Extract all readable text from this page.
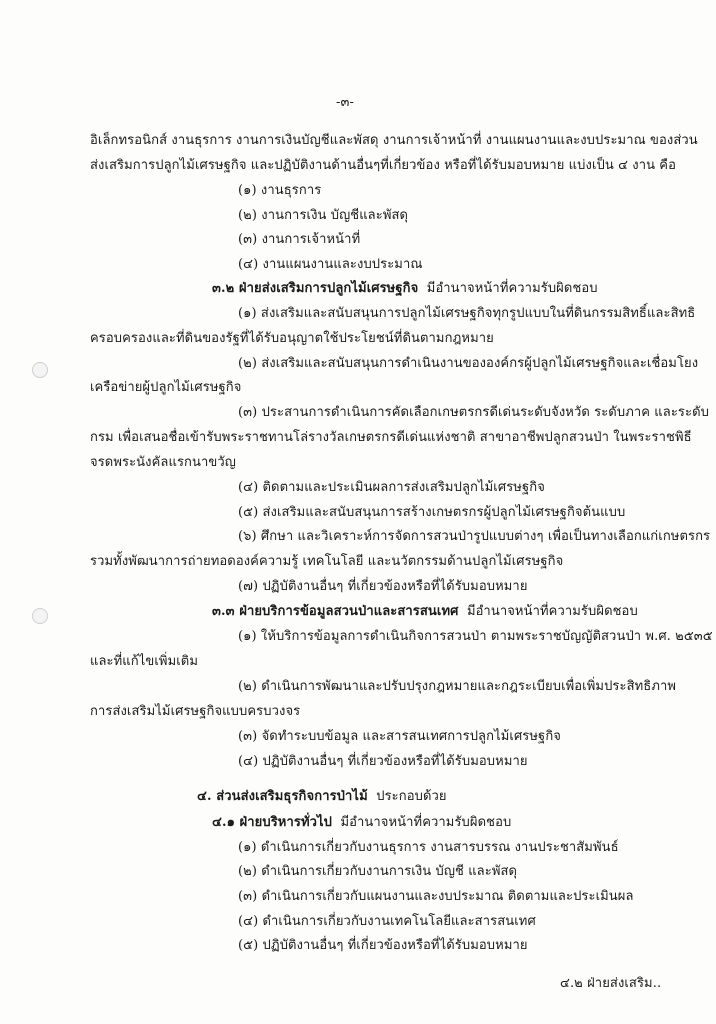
-๓-
อิเล็กทรอนิกส์ งานธุรการ งานการเงินบัญชีและพัสดุ งานการเจ้าหน้าที่ งานแผนงานและงบประมาณ ของส่วน
ส่งเสริมการปลูกไม้เศรษฐกิจ และปฏิบัติงานด้านอื่นๆที่เกี่ยวข้อง หรือที่ได้รับมอบหมาย แบ่งเป็น ๔ งาน คือ
(๑) งานธุรการ
(๒) งานการเงิน บัญชีและพัสดุ
(๓) งานการเจ้าหน้าที่
(๔) งานแผนงานและงบประมาณ
๓.๒ ฝ่ายส่งเสริมการปลูกไม้เศรษฐกิจ มีอำนาจหน้าที่ความรับผิดชอบ
(๑) ส่งเสริมและสนับสนุนการปลูกไม้เศรษฐกิจทุกรูปแบบในที่ดินกรรมสิทธิ์และสิทธิ
ครอบครองและที่ดินของรัฐที่ได้รับอนุญาตใช้ประโยชน์ที่ดินตามกฎหมาย
(๒) ส่งเสริมและสนับสนุนการดำเนินงานขององค์กรผู้ปลูกไม้เศรษฐกิจและเชื่อมโยง
เครือข่ายผู้ปลูกไม้เศรษฐกิจ
(๓) ประสานการดำเนินการคัดเลือกเกษตรกรดีเด่นระดับจังหวัด ระดับภาค และระดับ
กรม เพื่อเสนอชื่อเข้ารับพระราชทานโล่รางวัลเกษตรกรดีเด่นแห่งชาติ สาขาอาชีพปลูกสวนป่า ในพระราชพิธี
จรดพระนังคัลแรกนาขวัญ
(๔) ติดตามและประเมินผลการส่งเสริมปลูกไม้เศรษฐกิจ
(๕) ส่งเสริมและสนับสนุนการสร้างเกษตรกรผู้ปลูกไม้เศรษฐกิจต้นแบบ
(๖) ศึกษา และวิเคราะห์การจัดการสวนป่ารูปแบบต่างๆ เพื่อเป็นทางเลือกแก่เกษตรกร
รวมทั้งพัฒนาการถ่ายทอดองค์ความรู้ เทคโนโลยี และนวัตกรรมด้านปลูกไม้เศรษฐกิจ
(๗) ปฏิบัติงานอื่นๆ ที่เกี่ยวข้องหรือที่ได้รับมอบหมาย
๓.๓ ฝ่ายบริการข้อมูลสวนป่าและสารสนเทศ มีอำนาจหน้าที่ความรับผิดชอบ
(๑) ให้บริการข้อมูลการดำเนินกิจการสวนป่า ตามพระราชบัญญัติสวนป่า พ.ศ. ๒๕๓๕
และที่แก้ไขเพิ่มเติม
(๒) ดำเนินการพัฒนาและปรับปรุงกฎหมายและกฎระเบียบเพื่อเพิ่มประสิทธิภาพ
การส่งเสริมไม้เศรษฐกิจแบบครบวงจร
(๓) จัดทำระบบข้อมูล และสารสนเทศการปลูกไม้เศรษฐกิจ
(๔) ปฏิบัติงานอื่นๆ ที่เกี่ยวข้องหรือที่ได้รับมอบหมาย
๔. ส่วนส่งเสริมธุรกิจการป่าไม้ ประกอบด้วย
๔.๑ ฝ่ายบริหารทั่วไป มีอำนาจหน้าที่ความรับผิดชอบ
(๑) ดำเนินการเกี่ยวกับงานธุรการ งานสารบรรณ งานประชาสัมพันธ์
(๒) ดำเนินการเกี่ยวกับงานการเงิน บัญชี และพัสดุ
(๓) ดำเนินการเกี่ยวกับแผนงานและงบประมาณ ติดตามและประเมินผล
(๔) ดำเนินการเกี่ยวกับงานเทคโนโลยีและสารสนเทศ
(๕) ปฏิบัติงานอื่นๆ ที่เกี่ยวข้องหรือที่ได้รับมอบหมาย
๔.๒ ฝ่ายส่งเสริม..
